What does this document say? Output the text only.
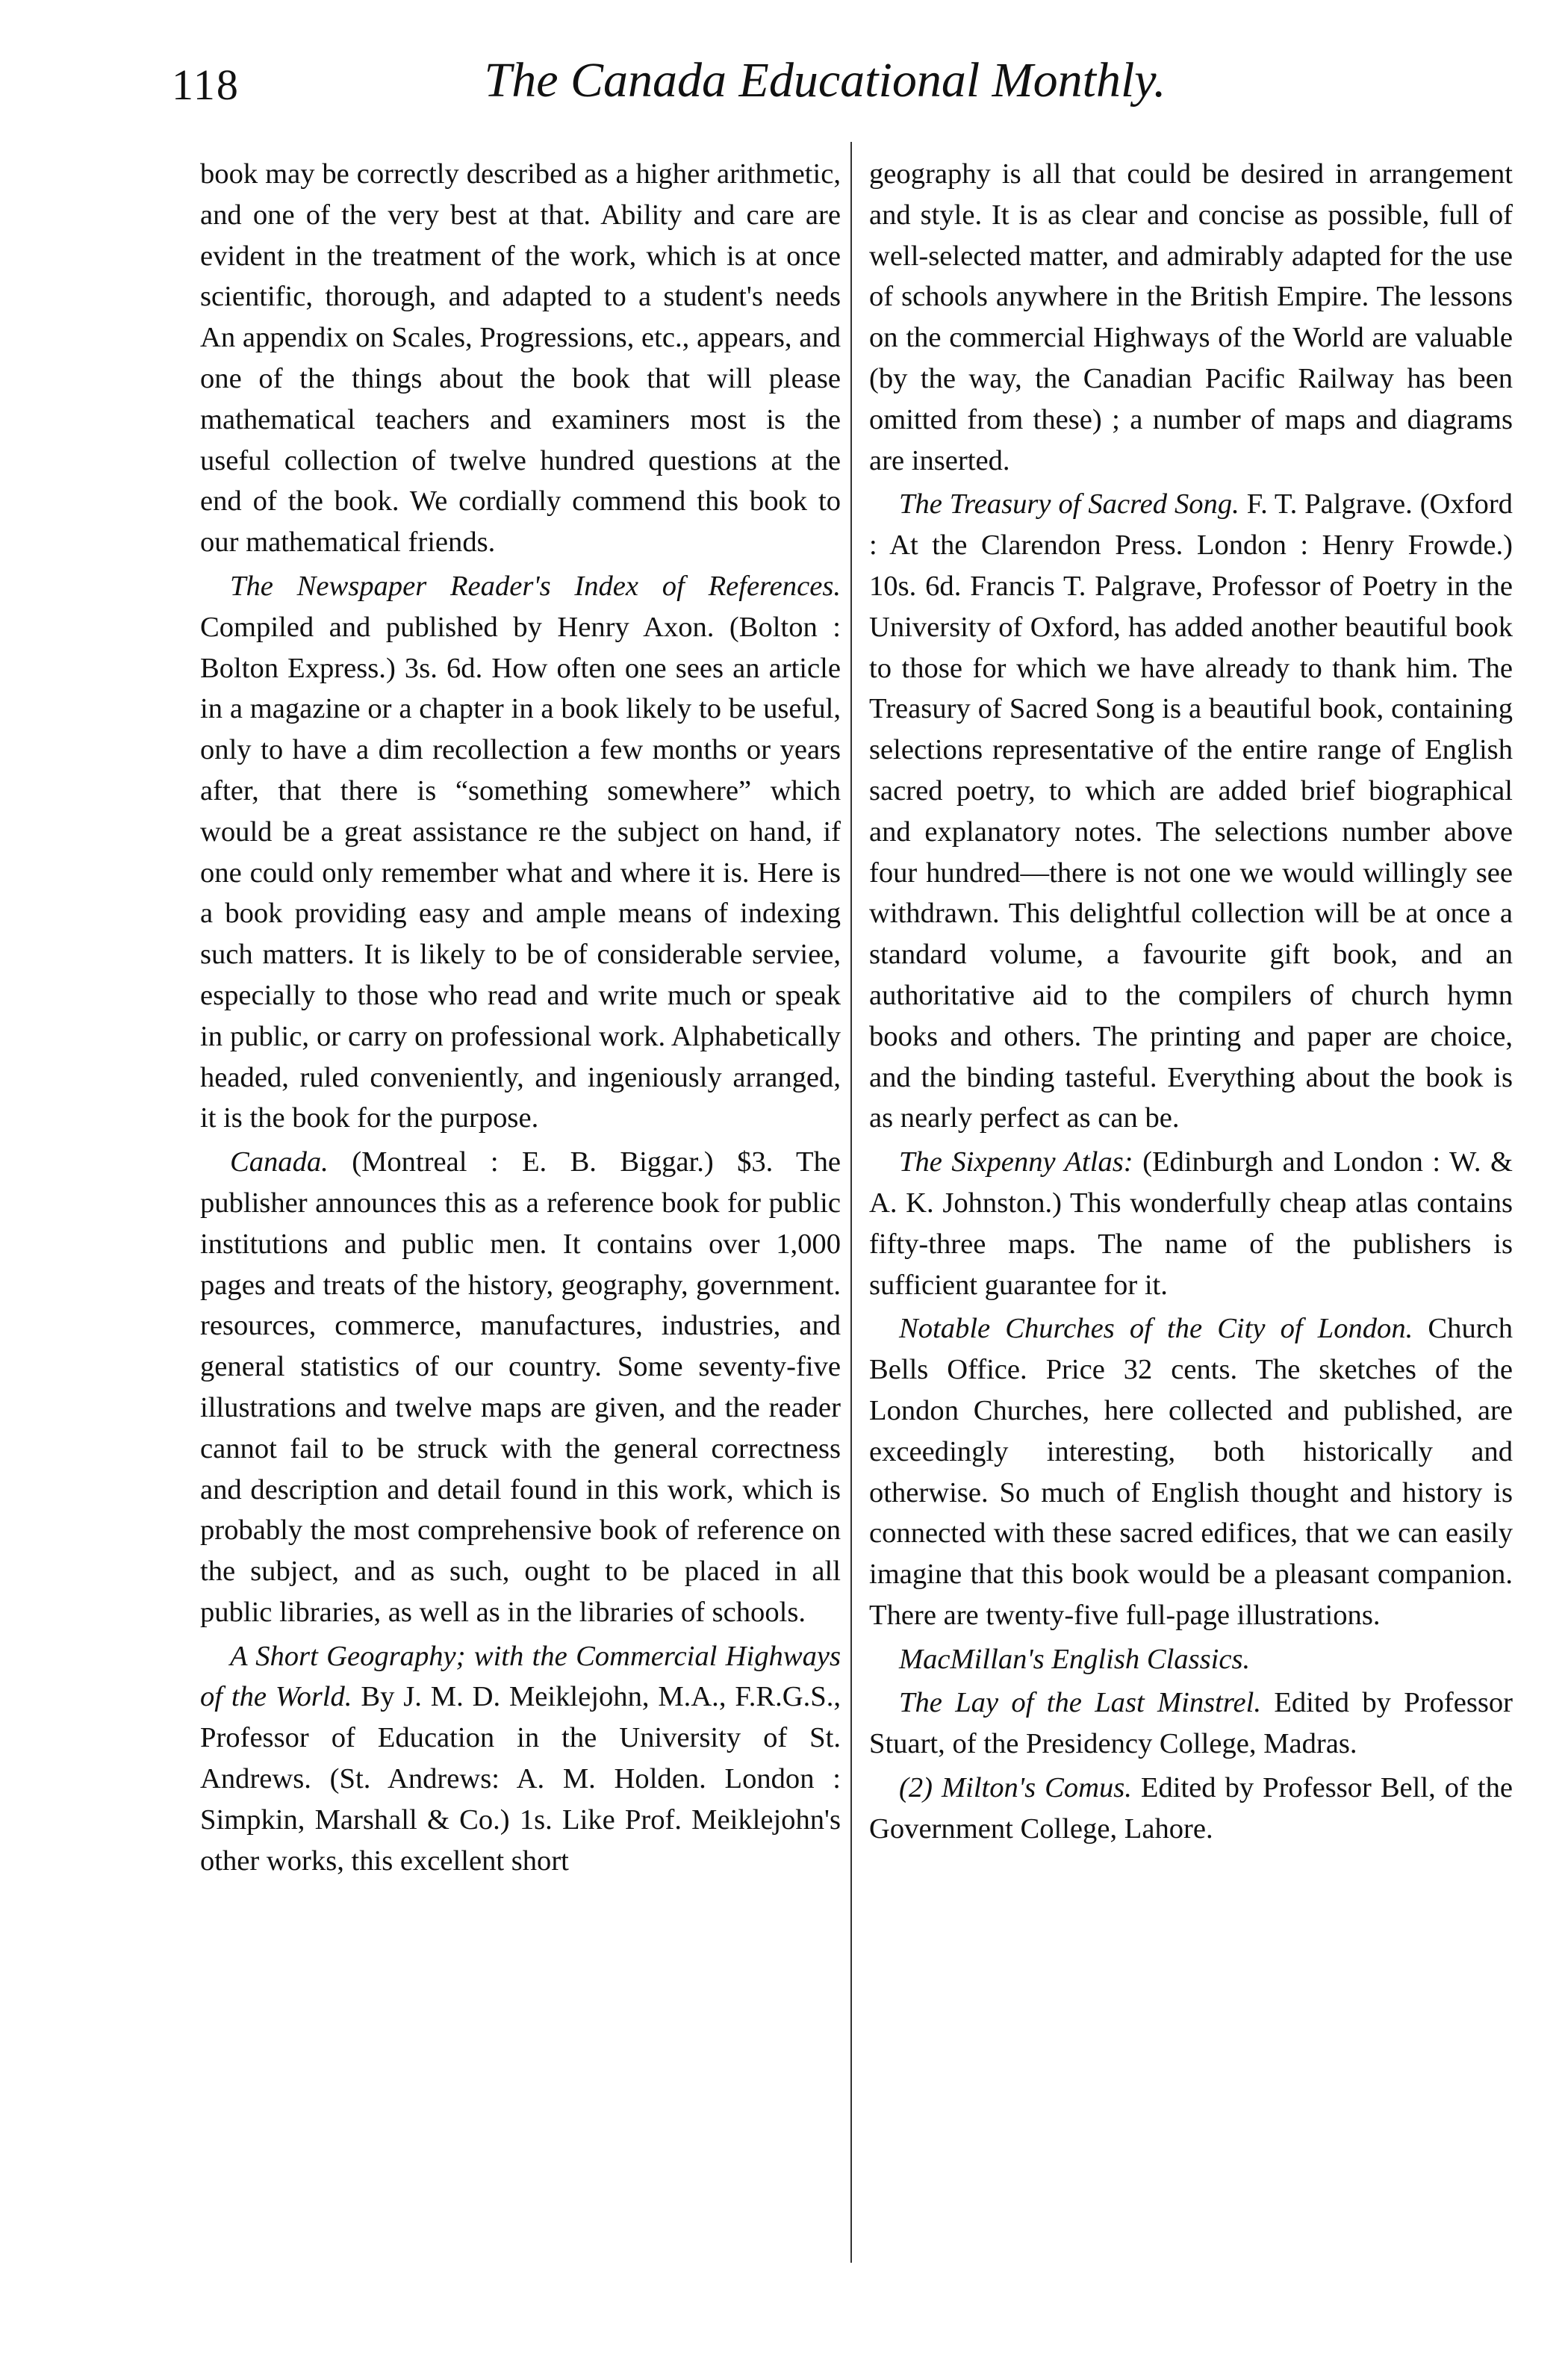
118	The Canada Educational Monthly.

book may be correctly described as a higher arithmetic, and one of the very best at that. Ability and care are evident in the treatment of the work, which is at once scientific, thorough, and adapted to a student's needs An appendix on Scales, Progressions, etc., appears, and one of the things about the book that will please mathematical teachers and examiners most is the useful collection of twelve hundred questions at the end of the book. We cordially commend this book to our mathematical friends.

The Newspaper Reader's Index of References. Compiled and published by Henry Axon. (Bolton : Bolton Express.) 3s. 6d. How often one sees an article in a magazine or a chapter in a book likely to be useful, only to have a dim recollection a few months or years after, that there is “something somewhere” which would be a great assistance re the subject on hand, if one could only remember what and where it is. Here is a book providing easy and ample means of indexing such matters. It is likely to be of considerable serviee, especially to those who read and write much or speak in public, or carry on professional work. Alphabetically headed, ruled conveniently, and ingeniously arranged, it is the book for the purpose.

Canada. (Montreal : E. B. Biggar.) $3. The publisher announces this as a reference book for public institutions and public men. It contains over 1,000 pages and treats of the history, geography, government. resources, commerce, manufactures, industries, and general statistics of our country. Some seventy-five illustrations and twelve maps are given, and the reader cannot fail to be struck with the general correctness and description and detail found in this work, which is probably the most comprehensive book of reference on the subject, and as such, ought to be placed in all public libraries, as well as in the libraries of schools.

A Short Geography; with the Commercial Highways of the World. By J. M. D. Meiklejohn, M.A., F.R.G.S., Professor of Education in the University of St. Andrews. (St. Andrews: A. M. Holden. London : Simpkin, Marshall & Co.) 1s. Like Prof. Meiklejohn's other works, this excellent short

geography is all that could be desired in arrangement and style. It is as clear and concise as possible, full of well-selected matter, and admirably adapted for the use of schools anywhere in the British Empire. The lessons on the commercial Highways of the World are valuable (by the way, the Canadian Pacific Railway has been omitted from these) ; a number of maps and diagrams are inserted.

The Treasury of Sacred Song. F. T. Palgrave. (Oxford : At the Clarendon Press. London : Henry Frowde.) 10s. 6d. Francis T. Palgrave, Professor of Poetry in the University of Oxford, has added another beautiful book to those for which we have already to thank him. The Treasury of Sacred Song is a beautiful book, containing selections representative of the entire range of English sacred poetry, to which are added brief biographical and explanatory notes. The selections number above four hundred—there is not one we would willingly see withdrawn. This delightful collection will be at once a standard volume, a favourite gift book, and an authoritative aid to the compilers of church hymn books and others. The printing and paper are choice, and the binding tasteful. Everything about the book is as nearly perfect as can be.

The Sixpenny Atlas: (Edinburgh and London : W. & A. K. Johnston.) This wonderfully cheap atlas contains fifty-three maps. The name of the publishers is sufficient guarantee for it.

Notable Churches of the City of London. Church Bells Office. Price 32 cents. The sketches of the London Churches, here collected and published, are exceedingly interesting, both historically and otherwise. So much of English thought and history is connected with these sacred edifices, that we can easily imagine that this book would be a pleasant companion. There are twenty-five full-page illustrations.

MacMillan's English Classics.

The Lay of the Last Minstrel. Edited by Professor Stuart, of the Presidency College, Madras.

(2) Milton's Comus. Edited by Professor Bell, of the Government College, Lahore.
